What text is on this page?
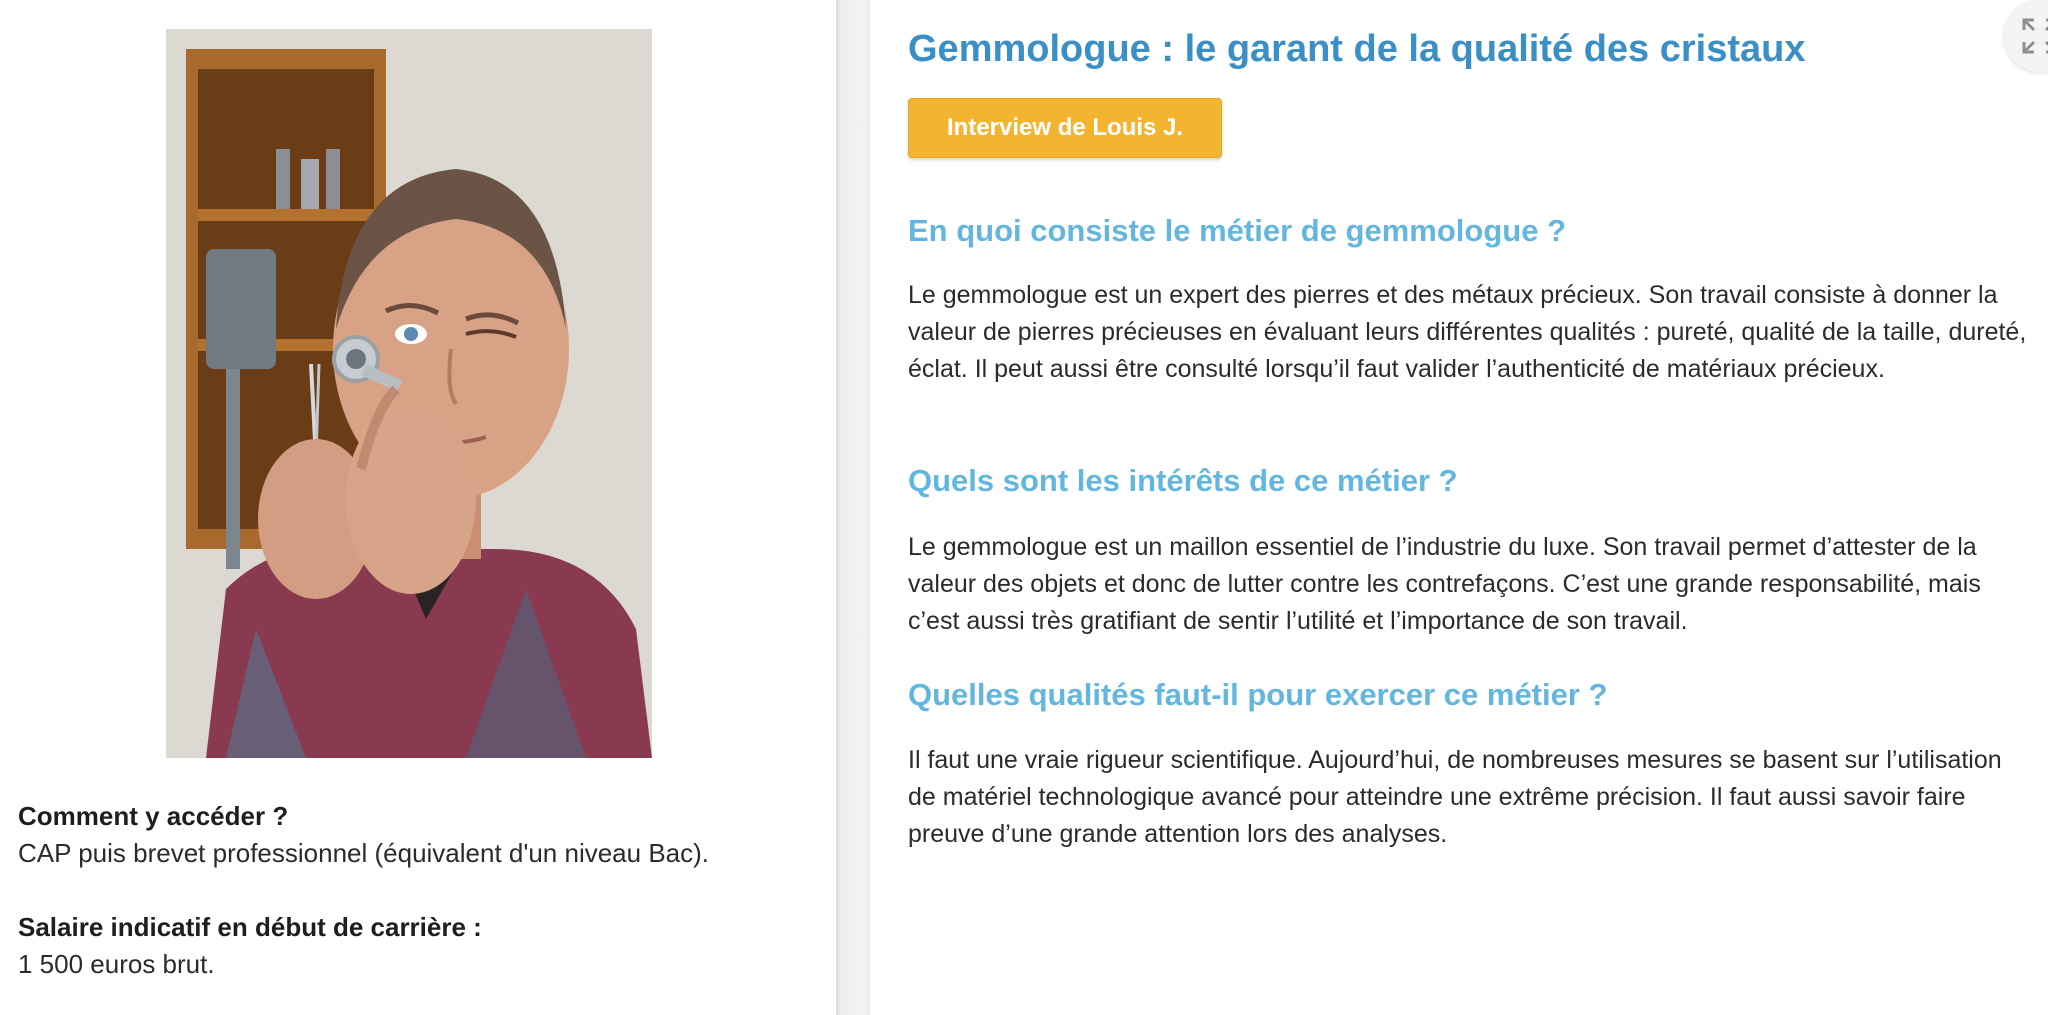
Comment y accéder ?
CAP puis brevet professionnel (équivalent d'un niveau Bac).
Salaire indicatif en début de carrière :
1 500 euros brut.
Gemmologue : le garant de la qualité des cristaux
Interview de Louis J.
En quoi consiste le métier de gemmologue ?

Le gemmologue est un expert des pierres et des métaux précieux. Son travail consiste à donner la valeur de pierres précieuses en évaluant leurs différentes qualités : pureté, qualité de la taille, dureté, éclat. Il peut aussi être consulté lorsqu’il faut valider l’authenticité de matériaux précieux.

Quels sont les intérêts de ce métier ?

Le gemmologue est un maillon essentiel de l’industrie du luxe. Son travail permet d’attester de la valeur des objets et donc de lutter contre les contrefaçons. C’est une grande responsabilité, mais c’est aussi très gratifiant de sentir l’utilité et l’importance de son travail.

Quelles qualités faut-il pour exercer ce métier ?

Il faut une vraie rigueur scientifique. Aujourd’hui, de nombreuses mesures se basent sur l’utilisation de matériel technologique avancé pour atteindre une extrême précision. Il faut aussi savoir faire preuve d’une grande attention lors des analyses.
